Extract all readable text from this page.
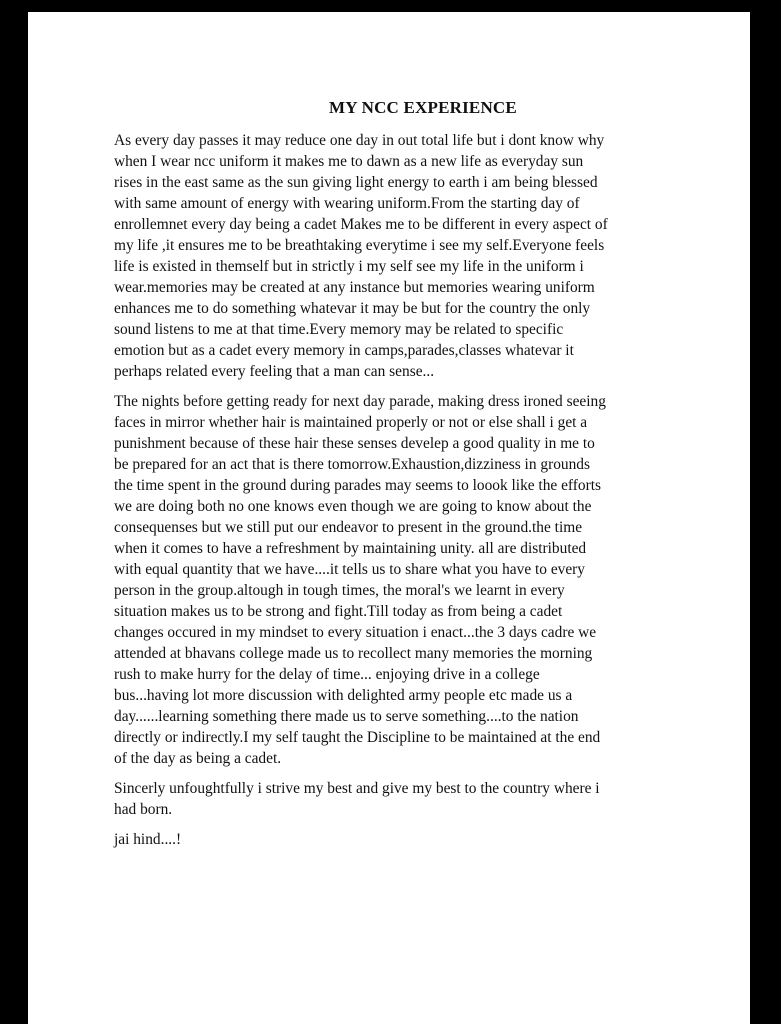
MY NCC EXPERIENCE

As every day passes it may reduce one day in out total life but i dont know why
when I wear ncc uniform it makes me to dawn as a new life as everyday sun
rises in the east same as the sun giving light energy to earth i am being blessed
with same amount of energy with wearing uniform.From the starting day of
enrollemnet every day being a cadet Makes me to be different in every aspect of
my life ,it ensures me to be breathtaking everytime i see my self.Everyone feels
life is existed in themself but in strictly i my self see my life in the uniform i
wear.memories may be created at any instance but memories wearing uniform
enhances me to do something whatevar it may be but for the country the only
sound listens to me at that time.Every memory may be related to specific
emotion but as a cadet every memory in camps,parades,classes whatevar it
perhaps related every feeling that a man can sense...

The nights before getting ready for next day parade, making dress ironed seeing
faces in mirror whether hair is maintained properly or not or else shall i get a
punishment because of these hair these senses develep a good quality in me to
be prepared for an act that is there tomorrow.Exhaustion,dizziness in grounds
the time spent in the ground during parades may seems to loook like the efforts
we are doing both no one knows even though we are going to know about the
consequenses but we still put our endeavor to present in the ground.the time
when it comes to have a refreshment by maintaining unity. all are distributed
with equal quantity that we have....it tells us to share what you have to every
person in the group.altough in tough times, the moral's we learnt in every
situation makes us to be strong and fight.Till today as from being a cadet
changes occured in my mindset to every situation i enact...the 3 days cadre we
attended at bhavans college made us to recollect many memories the morning
rush to make hurry for the delay of time... enjoying drive in a college
bus...having lot more discussion with delighted army people etc made us a
day......learning something there made us to serve something....to the nation
directly or indirectly.I my self taught the Discipline to be maintained at the end
of the day as being a cadet.

Sincerly unfoughtfully i strive my best and give my best to the country where i
had born.

jai hind....!
